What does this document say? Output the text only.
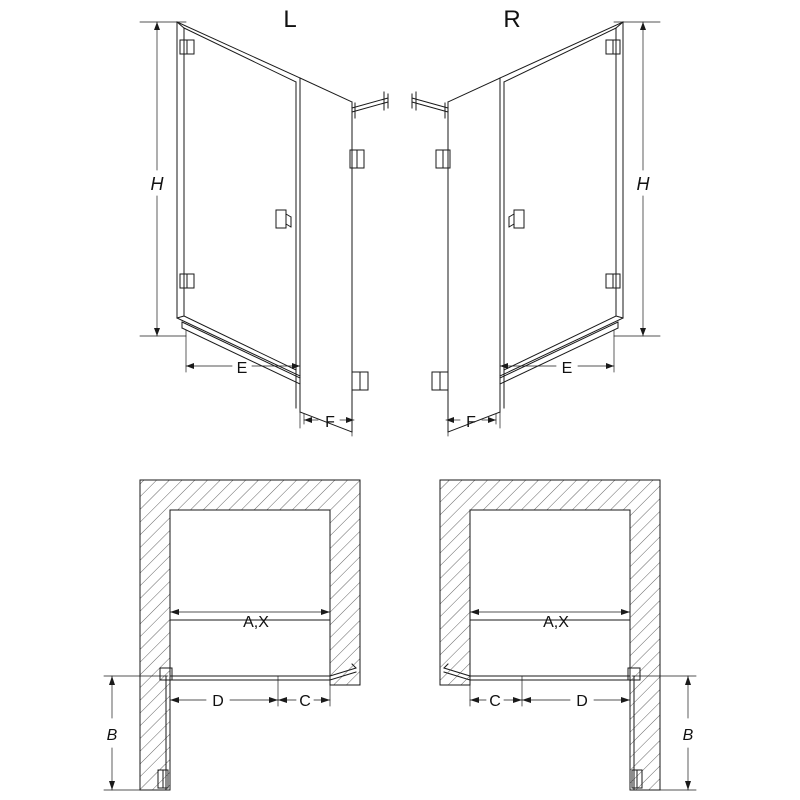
L	R
H	H
E
F
E
F
A,X
D	C
B
A,X
C	D
B
